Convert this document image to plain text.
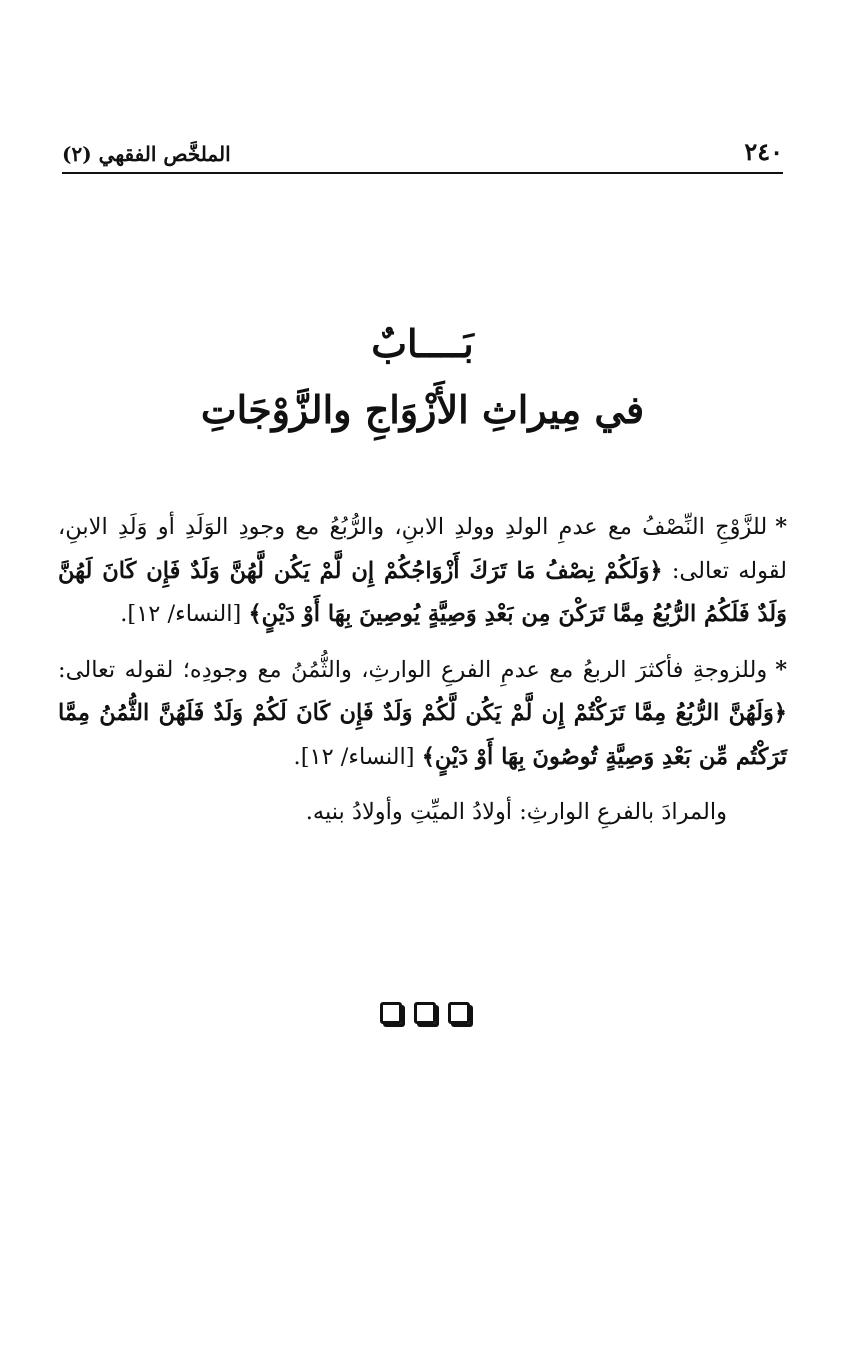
٢٤٠
الملخَّص الفقهي (٢)
بَــــابٌ
في مِيراثِ الأَزْوَاجِ والزَّوْجَاتِ

*للزَّوْجِ النِّصْفُ مع عدمِ الولدِ وولدِ الابنِ، والرُّبُعُ مع وجودِ الوَلَدِ أو وَلَدِ الابنِ، لقوله تعالى: ﴿وَلَكُمْ نِصْفُ مَا تَرَكَ أَزْوَاجُكُمْ إِن لَّمْ يَكُن لَّهُنَّ وَلَدٌ فَإِن كَانَ لَهُنَّ وَلَدٌ فَلَكُمُ الرُّبُعُ مِمَّا تَرَكْنَ مِن بَعْدِ وَصِيَّةٍ يُوصِينَ بِهَا أَوْ دَيْنٍ﴾ [النساء/ ١٢].

*وللزوجةِ فأكثرَ الربعُ مع عدمِ الفرعِ الوارثِ، والثُّمُنُ مع وجودِه؛ لقوله تعالى: ﴿وَلَهُنَّ الرُّبُعُ مِمَّا تَرَكْتُمْ إِن لَّمْ يَكُن لَّكُمْ وَلَدٌ فَإِن كَانَ لَكُمْ وَلَدٌ فَلَهُنَّ الثُّمُنُ مِمَّا تَرَكْتُم مِّن بَعْدِ وَصِيَّةٍ تُوصُونَ بِهَا أَوْ دَيْنٍ﴾ [النساء/ ١٢].

والمرادَ بالفرعِ الوارثِ: أولادُ الميِّتِ وأولادُ بنيه.
